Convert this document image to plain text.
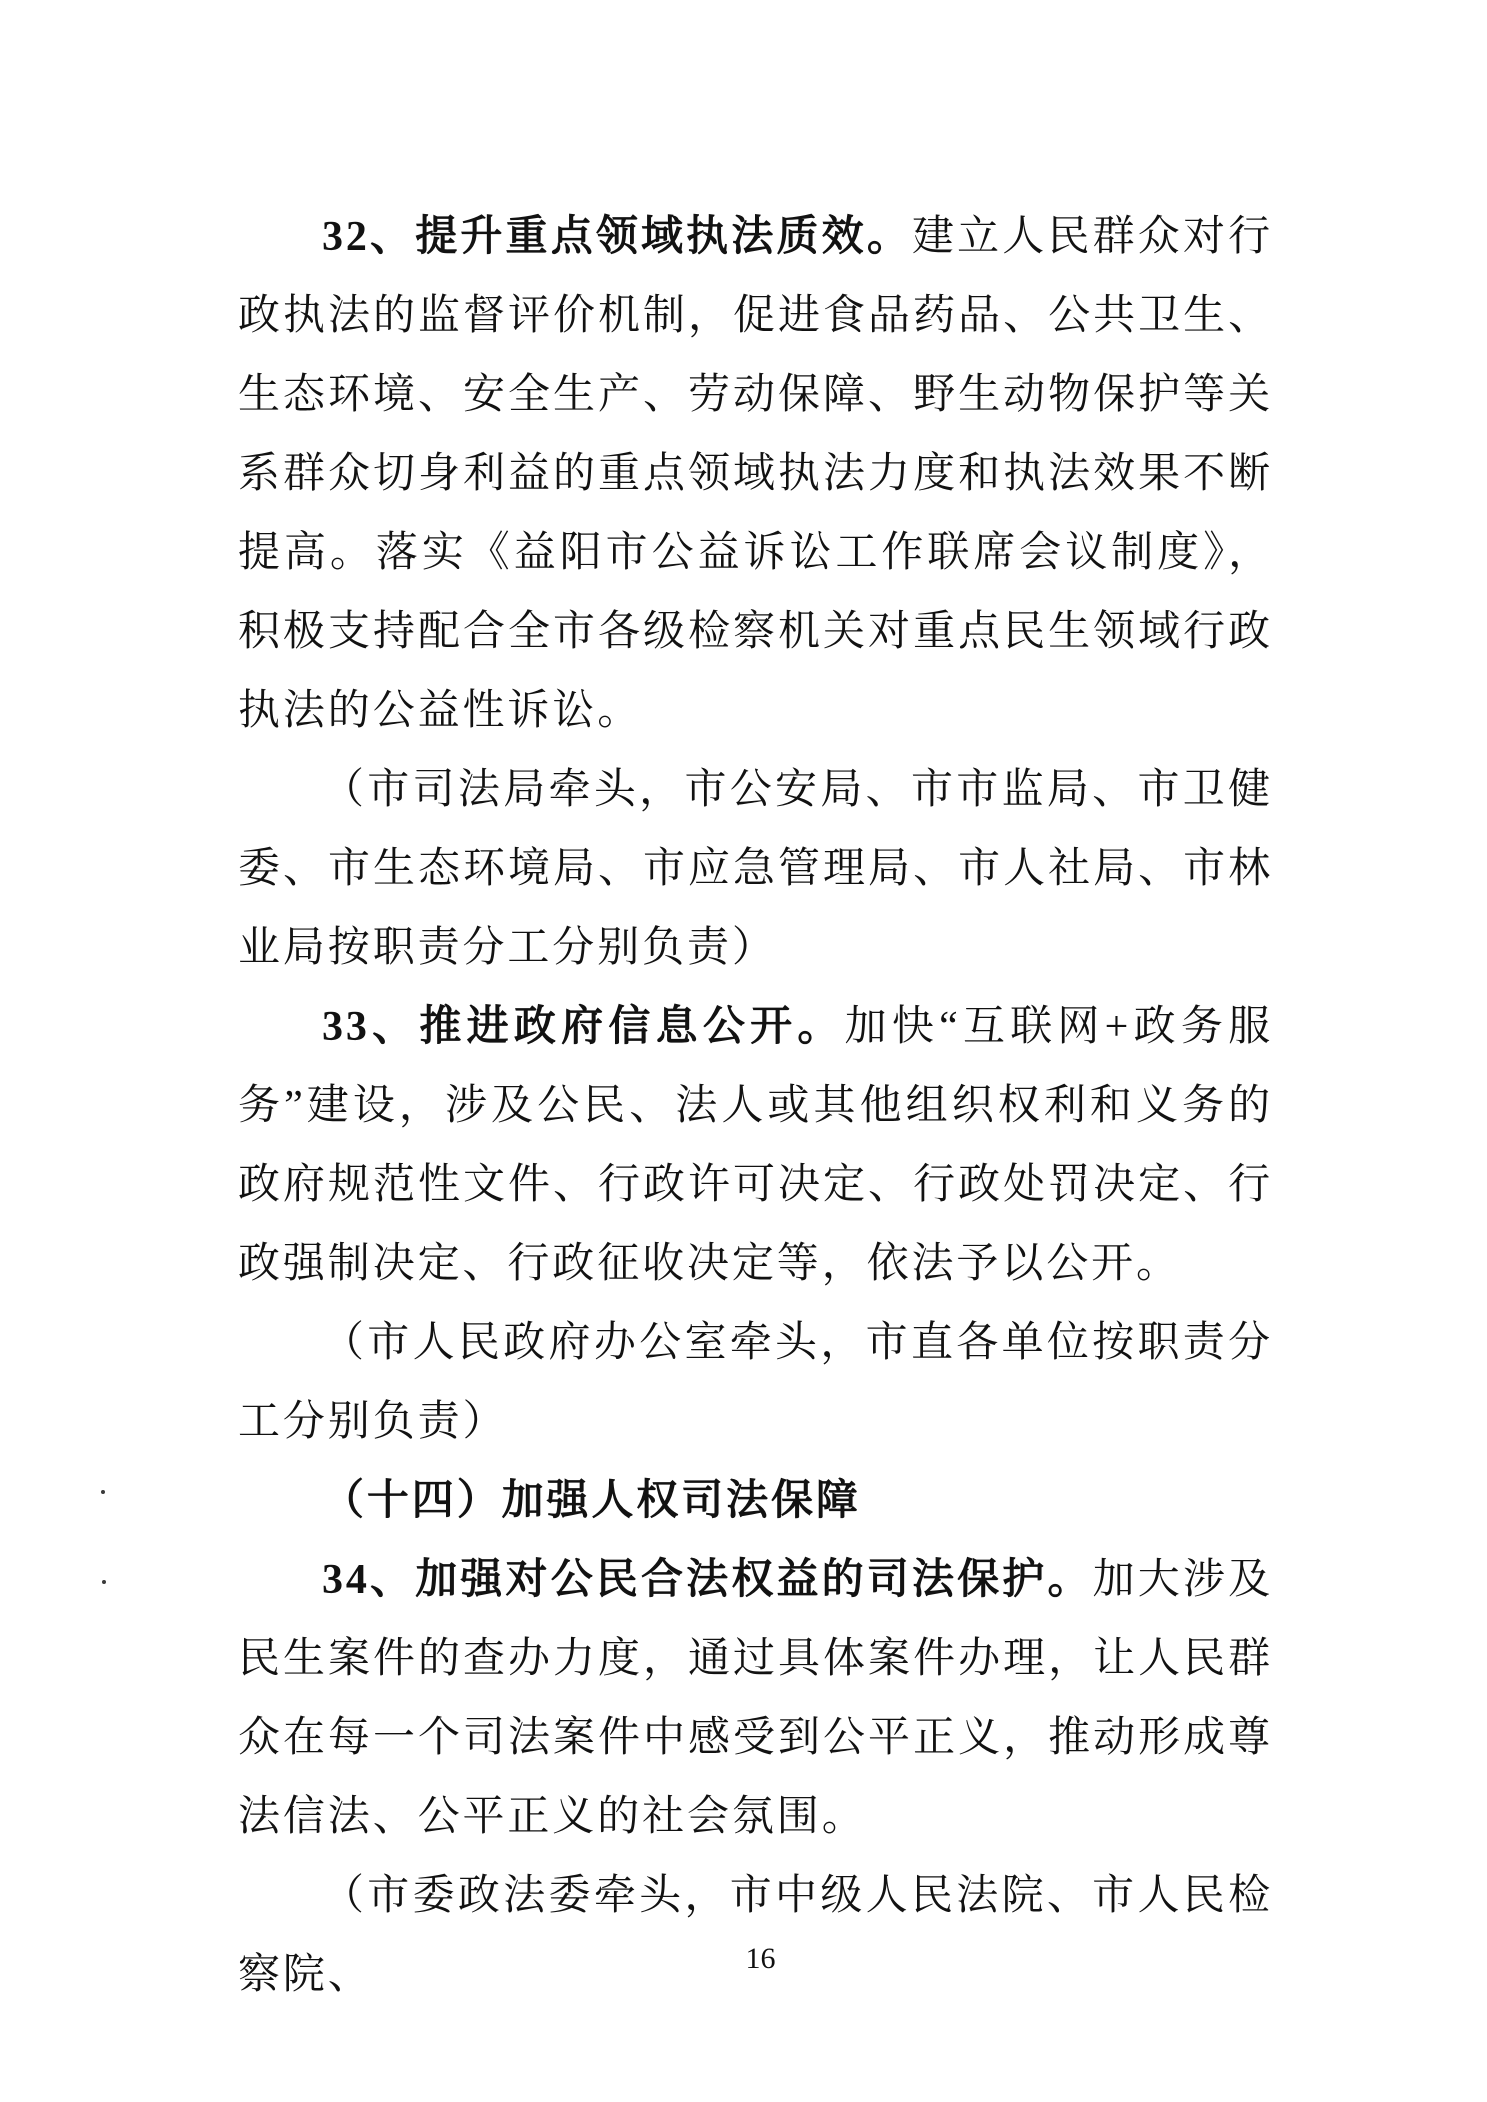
32、提升重点领域执法质效。建立人民群众对行政执法的监督评价机制，促进食品药品、公共卫生、生态环境、安全生产、劳动保障、野生动物保护等关系群众切身利益的重点领域执法力度和执法效果不断提高。落实《益阳市公益诉讼工作联席会议制度》，积极支持配合全市各级检察机关对重点民生领域行政执法的公益性诉讼。

（市司法局牵头，市公安局、市市监局、市卫健委、市生态环境局、市应急管理局、市人社局、市林业局按职责分工分别负责）

33、推进政府信息公开。加快“互联网+政务服务”建设，涉及公民、法人或其他组织权利和义务的政府规范性文件、行政许可决定、行政处罚决定、行政强制决定、行政征收决定等，依法予以公开。

（市人民政府办公室牵头，市直各单位按职责分工分别负责）

（十四）加强人权司法保障

34、加强对公民合法权益的司法保护。加大涉及民生案件的查办力度，通过具体案件办理，让人民群众在每一个司法案件中感受到公平正义，推动形成尊法信法、公平正义的社会氛围。

（市委政法委牵头，市中级人民法院、市人民检察院、	16
